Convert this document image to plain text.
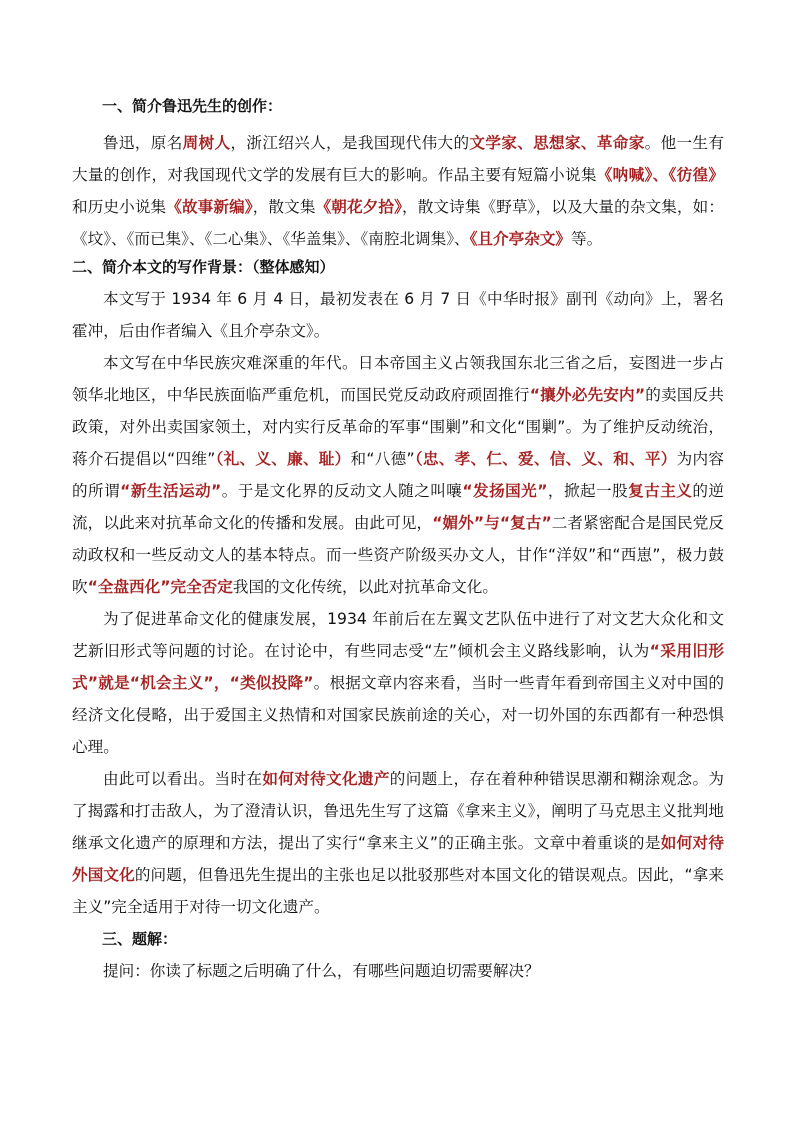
一、简介鲁迅先生的创作：

鲁迅，原名周树人，浙江绍兴人，是我国现代伟大的文学家、思想家、革命家。他一生有大量的创作，对我国现代文学的发展有巨大的影响。作品主要有短篇小说集《呐喊》、《彷徨》和历史小说集《故事新编》，散文集《朝花夕拾》，散文诗集《野草》，以及大量的杂文集，如：《坟》、《而已集》、《二心集》、《华盖集》、《南腔北调集》、《且介亭杂文》等。

二、简介本文的写作背景：（整体感知）

本文写于 1934 年 6 月 4 日，最初发表在 6 月 7 日《中华时报》副刊《动向》上，署名霍冲，后由作者编入《且介亭杂文》。

本文写在中华民族灾难深重的年代。日本帝国主义占领我国东北三省之后，妄图进一步占领华北地区，中华民族面临严重危机，而国民党反动政府顽固推行“攘外必先安内”的卖国反共政策，对外出卖国家领土，对内实行反革命的军事“围剿”和文化“围剿”。为了维护反动统治，蒋介石提倡以“四维”（礼、义、廉、耻）和“八德”（忠、孝、仁、爱、信、义、和、平）为内容的所谓“新生活运动”。于是文化界的反动文人随之叫嚷“发扬国光”，掀起一股复古主义的逆流，以此来对抗革命文化的传播和发展。由此可见，“媚外”与“复古”二者紧密配合是国民党反动政权和一些反动文人的基本特点。而一些资产阶级买办文人，甘作“洋奴”和“西崽”，极力鼓吹“全盘西化”完全否定我国的文化传统，以此对抗革命文化。

为了促进革命文化的健康发展，1934 年前后在左翼文艺队伍中进行了对文艺大众化和文艺新旧形式等问题的讨论。在讨论中，有些同志受“左”倾机会主义路线影响，认为“采用旧形式”就是“机会主义”，“类似投降”。根据文章内容来看，当时一些青年看到帝国主义对中国的经济文化侵略，出于爱国主义热情和对国家民族前途的关心，对一切外国的东西都有一种恐惧心理。

由此可以看出。当时在如何对待文化遗产的问题上，存在着种种错误思潮和糊涂观念。为了揭露和打击敌人，为了澄清认识，鲁迅先生写了这篇《拿来主义》，阐明了马克思主义批判地继承文化遗产的原理和方法，提出了实行“拿来主义”的正确主张。文章中着重谈的是如何对待外国文化的问题，但鲁迅先生提出的主张也足以批驳那些对本国文化的错误观点。因此，“拿来主义”完全适用于对待一切文化遗产。

三、题解：

提问：你读了标题之后明确了什么，有哪些问题迫切需要解决？
